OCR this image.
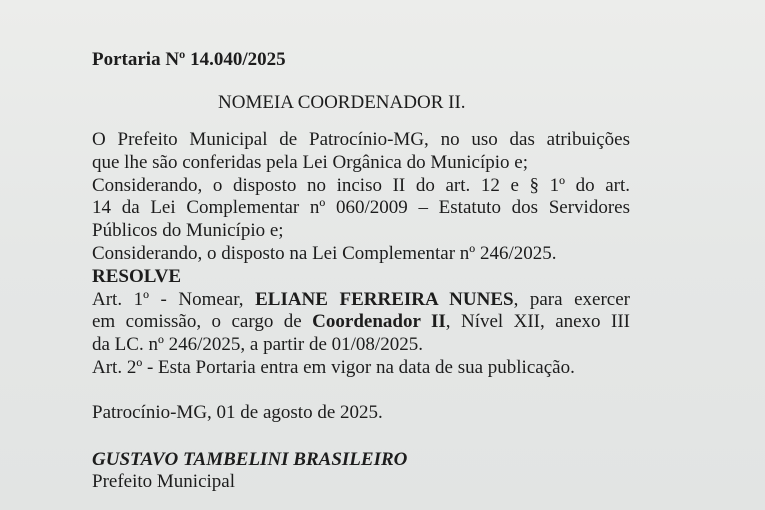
Portaria Nº 14.040/2025

NOMEIA COORDENADOR II.
O Prefeito Municipal de Patrocínio-MG, no uso das atribuições
que lhe são conferidas pela Lei Orgânica do Município e;
Considerando, o disposto no inciso II do art. 12 e § 1º do art.
14 da Lei Complementar nº 060/2009 – Estatuto dos Servidores
Públicos do Município e;
Considerando, o disposto na Lei Complementar nº 246/2025.
RESOLVE
Art. 1º - Nomear, ELIANE FERREIRA NUNES, para exercer
em comissão, o cargo de Coordenador II, Nível XII, anexo III
da LC. nº 246/2025, a partir de 01/08/2025.
Art. 2º - Esta Portaria entra em vigor na data de sua publicação.
Patrocínio-MG, 01 de agosto de 2025.
GUSTAVO TAMBELINI BRASILEIRO
Prefeito Municipal
